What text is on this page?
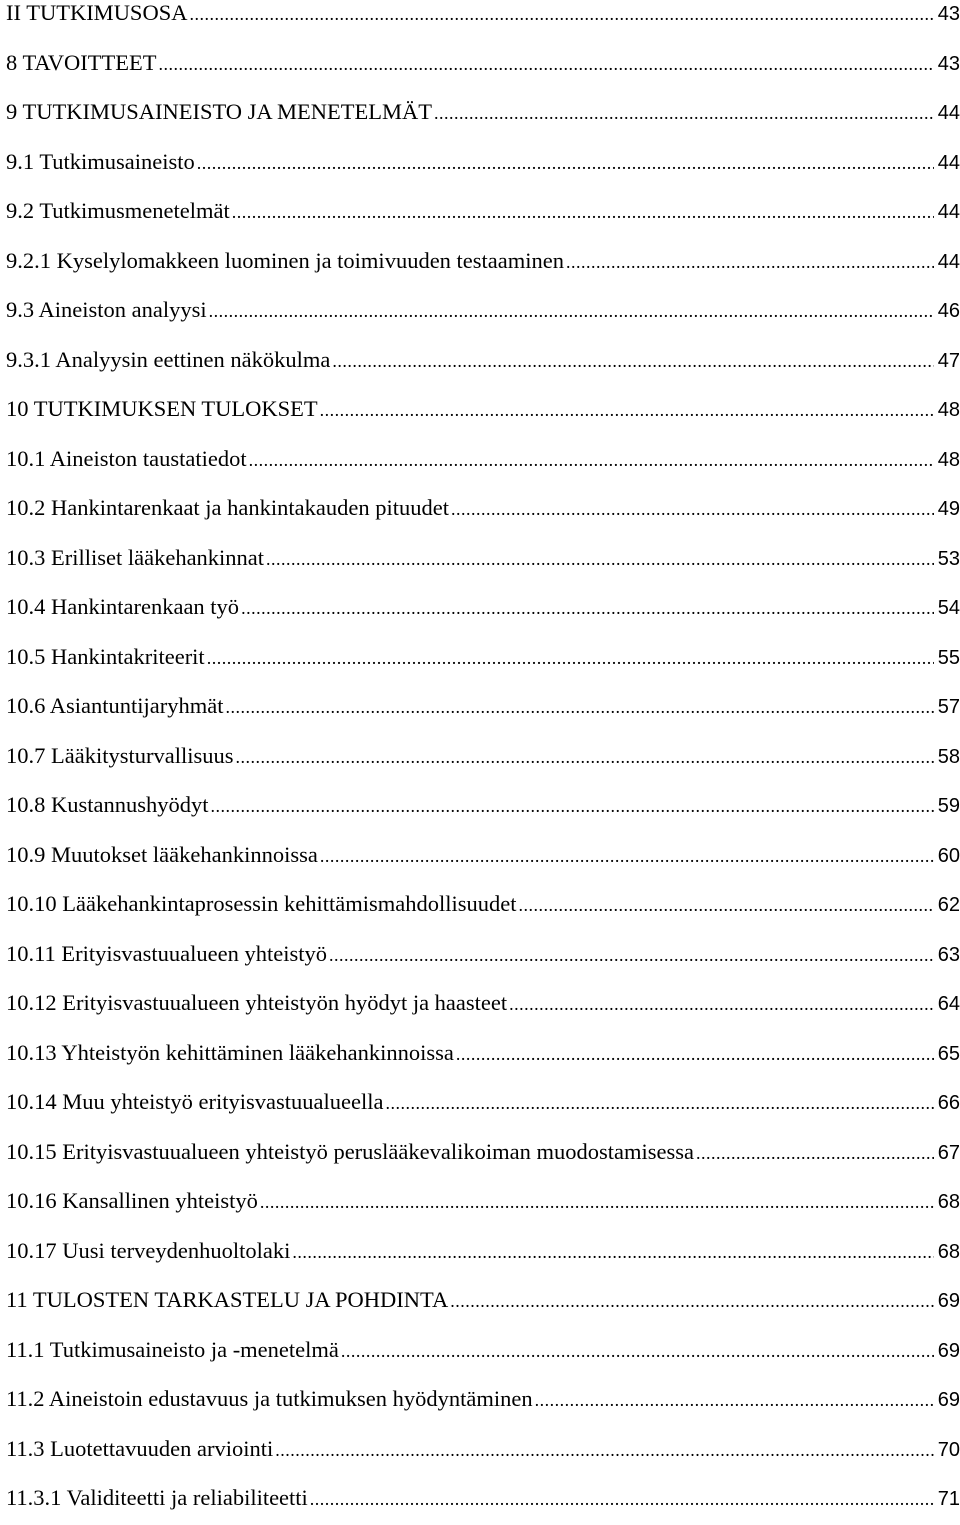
II TUTKIMUSOSA .....	43
8 TAVOITTEET .....	43
9 TUTKIMUSAINEISTO JA MENETELMÄT .....	44
9.1 Tutkimusaineisto .....	44
9.2 Tutkimusmenetelmät .....	44
9.2.1 Kyselylomakkeen luominen ja toimivuuden testaaminen .....	44
9.3 Aineiston analyysi .....	46
9.3.1 Analyysin eettinen näkökulma .....	47
10 TUTKIMUKSEN TULOKSET .....	48
10.1 Aineiston taustatiedot .....	48
10.2 Hankintarenkaat ja hankintakauden pituudet .....	49
10.3 Erilliset lääkehankinnat .....	53
10.4 Hankintarenkaan työ .....	54
10.5 Hankintakriteerit .....	55
10.6 Asiantuntijaryhmät .....	57
10.7 Lääkitysturvallisuus .....	58
10.8 Kustannushyödyt .....	59
10.9 Muutokset lääkehankinnoissa .....	60
10.10 Lääkehankintaprosessin kehittämismahdollisuudet .....	62
10.11 Erityisvastuualueen yhteistyö .....	63
10.12 Erityisvastuualueen yhteistyön hyödyt ja haasteet .....	64
10.13 Yhteistyön kehittäminen lääkehankinnoissa .....	65
10.14 Muu yhteistyö erityisvastuualueella .....	66
10.15 Erityisvastuualueen yhteistyö peruslääkevalikoiman muodostamisessa .....	67
10.16 Kansallinen yhteistyö .....	68
10.17 Uusi terveydenhuoltolaki .....	68
11 TULOSTEN TARKASTELU JA POHDINTA .....	69
11.1 Tutkimusaineisto ja -menetelmä .....	69
11.2 Aineistoin edustavuus ja tutkimuksen hyödyntäminen .....	69
11.3 Luotettavuuden arviointi .....	70
11.3.1 Validiteetti ja reliabiliteetti .....	71
